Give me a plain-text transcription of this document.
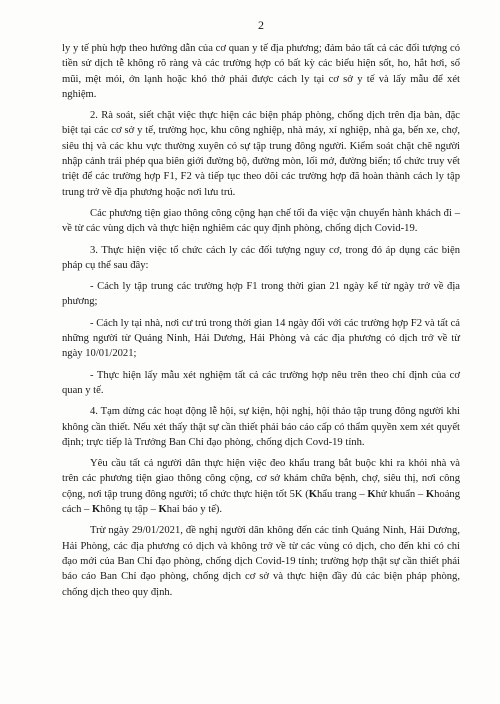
2

ly y tế phù hợp theo hướng dẫn của cơ quan y tế địa phương; đảm bảo tất cả các đối tượng có tiền sử dịch tễ không rõ ràng và các trường hợp có bất kỳ các biểu hiện sốt, ho, hắt hơi, sổ mũi, mệt mỏi, ớn lạnh hoặc khó thở phải được cách ly tại cơ sở y tế và lấy mẫu để xét nghiệm.

2. Rà soát, siết chặt việc thực hiện các biện pháp phòng, chống dịch trên địa bàn, đặc biệt tại các cơ sở y tế, trường học, khu công nghiệp, nhà máy, xí nghiệp, nhà ga, bến xe, chợ, siêu thị và các khu vực thường xuyên có sự tập trung đông người. Kiểm soát chặt chẽ người nhập cảnh trái phép qua biên giới đường bộ, đường mòn, lối mở, đường biển; tổ chức truy vết triệt để các trường hợp F1, F2 và tiếp tục theo dõi các trường hợp đã hoàn thành cách ly tập trung trở về địa phương hoặc nơi lưu trú.

Các phương tiện giao thông công cộng hạn chế tối đa việc vận chuyển hành khách đi – về từ các vùng dịch và thực hiện nghiêm các quy định phòng, chống dịch Covid-19.

3. Thực hiện việc tổ chức cách ly các đối tượng nguy cơ, trong đó áp dụng các biện pháp cụ thể sau đây:

- Cách ly tập trung các trường hợp F1 trong thời gian 21 ngày kể từ ngày trở về địa phương;

- Cách ly tại nhà, nơi cư trú trong thời gian 14 ngày đối với các trường hợp F2 và tất cả những người từ Quảng Ninh, Hải Dương, Hải Phòng và các địa phương có dịch trở về từ ngày 10/01/2021;

- Thực hiện lấy mẫu xét nghiệm tất cả các trường hợp nêu trên theo chỉ định của cơ quan y tế.

4. Tạm dừng các hoạt động lễ hội, sự kiện, hội nghị, hội thảo tập trung đông người khi không cần thiết. Nếu xét thấy thật sự cần thiết phải báo cáo cấp có thẩm quyền xem xét quyết định; trực tiếp là Trưởng Ban Chỉ đạo phòng, chống dịch Covd-19 tỉnh.

Yêu cầu tất cả người dân thực hiện việc đeo khẩu trang bắt buộc khi ra khỏi nhà và trên các phương tiện giao thông công cộng, cơ sở khám chữa bệnh, chợ, siêu thị, nơi công cộng, nơi tập trung đông người; tổ chức thực hiện tốt 5K (Khẩu trang – Khử khuẩn – Khoảng cách – Không tụ tập – Khai báo y tế).

Trừ ngày 29/01/2021, đề nghị người dân không đến các tỉnh Quảng Ninh, Hải Dương, Hải Phòng, các địa phương có dịch và không trở về từ các vùng có dịch, cho đến khi có chỉ đạo mới của Ban Chỉ đạo phòng, chống dịch Covid-19 tỉnh; trường hợp thật sự cần thiết phải báo cáo Ban Chỉ đạo phòng, chống dịch cơ sở và thực hiện đầy đủ các biện pháp phòng, chống dịch theo quy định.
